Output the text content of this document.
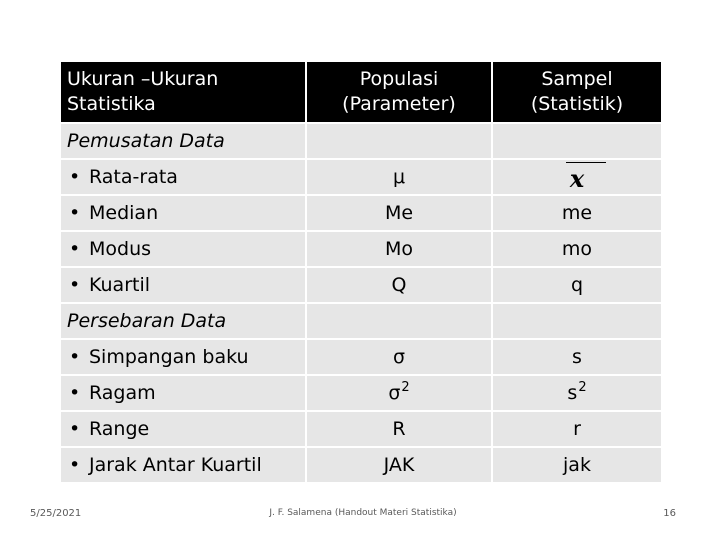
Ukuran –Ukuran Statistika	Populasi (Parameter)	Sampel (Statistik)
Pemusatan Data		
• Rata-rata	μ	x
• Median	Me	me
• Modus	Mo	mo
• Kuartil	Q	q
Persebaran Data		
• Simpangan baku	σ	s
• Ragam	$\sigma^2$	$s^2$
• Range	R	r
• Jarak Antar Kuartil	JAK	jak
5/25/2021	J. F. Salamena (Handout Materi Statistika)	16
